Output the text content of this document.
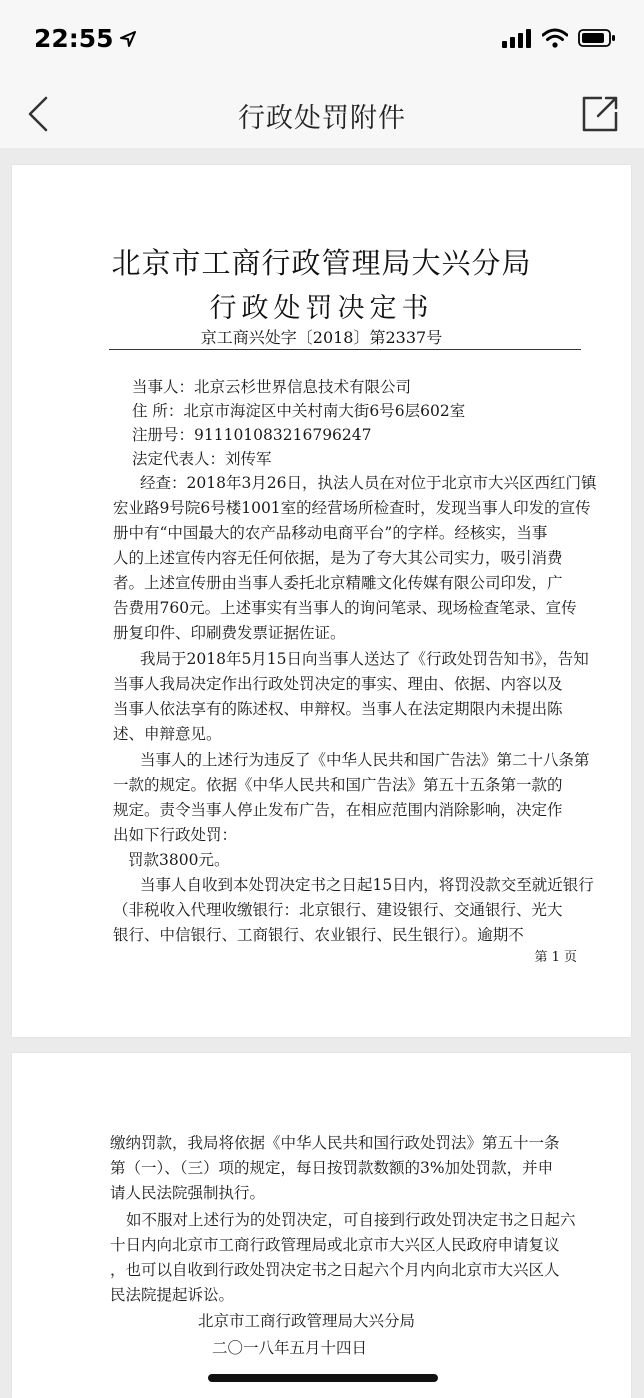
22:55
行政处罚附件
北京市工商行政管理局大兴分局
行政处罚决定书
京工商兴处字〔2018〕第2337号
当事人：北京云杉世界信息技术有限公司
住 所：北京市海淀区中关村南大街6号6层602室
注册号：911101083216796247
法定代表人：刘传军
经查：2018年3月26日，执法人员在对位于北京市大兴区西红门镇
宏业路9号院6号楼1001室的经营场所检查时，发现当事人印发的宣传
册中有“中国最大的农产品移动电商平台”的字样。经核实，当事
人的上述宣传内容无任何依据，是为了夸大其公司实力，吸引消费
者。上述宣传册由当事人委托北京精雕文化传媒有限公司印发，广
告费用760元。上述事实有当事人的询问笔录、现场检查笔录、宣传
册复印件、印刷费发票证据佐证。
我局于2018年5月15日向当事人送达了《行政处罚告知书》，告知
当事人我局决定作出行政处罚决定的事实、理由、依据、内容以及
当事人依法享有的陈述权、申辩权。当事人在法定期限内未提出陈
述、申辩意见。
当事人的上述行为违反了《中华人民共和国广告法》第二十八条第
一款的规定。依据《中华人民共和国广告法》第五十五条第一款的
规定。责令当事人停止发布广告，在相应范围内消除影响，决定作
出如下行政处罚：
罚款3800元。
当事人自收到本处罚决定书之日起15日内，将罚没款交至就近银行
（非税收入代理收缴银行：北京银行、建设银行、交通银行、光大
银行、中信银行、工商银行、农业银行、民生银行）。逾期不
第 1 页
缴纳罚款，我局将依据《中华人民共和国行政处罚法》第五十一条
第（一）、（三）项的规定，每日按罚款数额的3%加处罚款，并申
请人民法院强制执行。
如不服对上述行为的处罚决定，可自接到行政处罚决定书之日起六
十日内向北京市工商行政管理局或北京市大兴区人民政府申请复议
，也可以自收到行政处罚决定书之日起六个月内向北京市大兴区人
民法院提起诉讼。
北京市工商行政管理局大兴分局
二〇一八年五月十四日
